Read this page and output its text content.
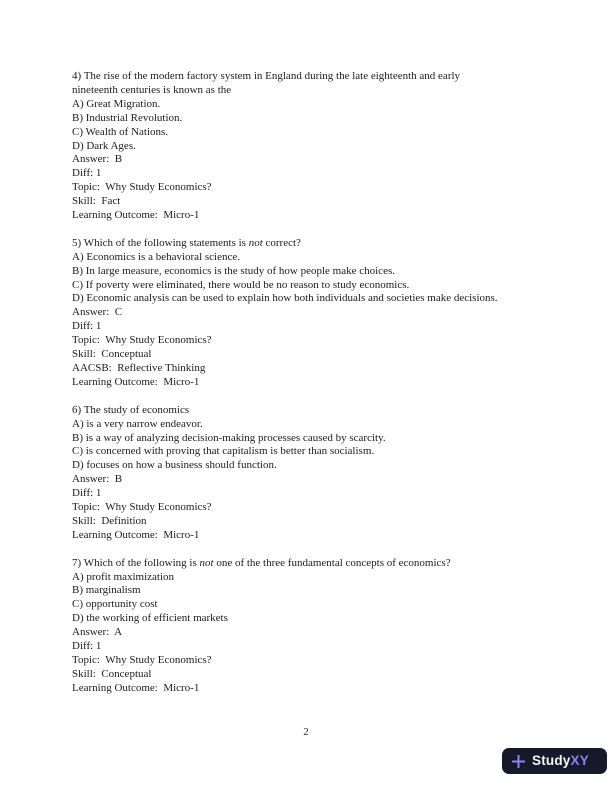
4) The rise of the modern factory system in England during the late eighteenth and early
nineteenth centuries is known as the
A) Great Migration.
B) Industrial Revolution.
C) Wealth of Nations.
D) Dark Ages.
Answer:  B
Diff: 1
Topic:  Why Study Economics?
Skill:  Fact
Learning Outcome:  Micro-1
5) Which of the following statements is not correct?
A) Economics is a behavioral science.
B) In large measure, economics is the study of how people make choices.
C) If poverty were eliminated, there would be no reason to study economics.
D) Economic analysis can be used to explain how both individuals and societies make decisions.
Answer:  C
Diff: 1
Topic:  Why Study Economics?
Skill:  Conceptual
AACSB:  Reflective Thinking
Learning Outcome:  Micro-1
6) The study of economics
A) is a very narrow endeavor.
B) is a way of analyzing decision-making processes caused by scarcity.
C) is concerned with proving that capitalism is better than socialism.
D) focuses on how a business should function.
Answer:  B
Diff: 1
Topic:  Why Study Economics?
Skill:  Definition
Learning Outcome:  Micro-1
7) Which of the following is not one of the three fundamental concepts of economics?
A) profit maximization
B) marginalism
C) opportunity cost
D) the working of efficient markets
Answer:  A
Diff: 1
Topic:  Why Study Economics?
Skill:  Conceptual
Learning Outcome:  Micro-1
2
Study XY
